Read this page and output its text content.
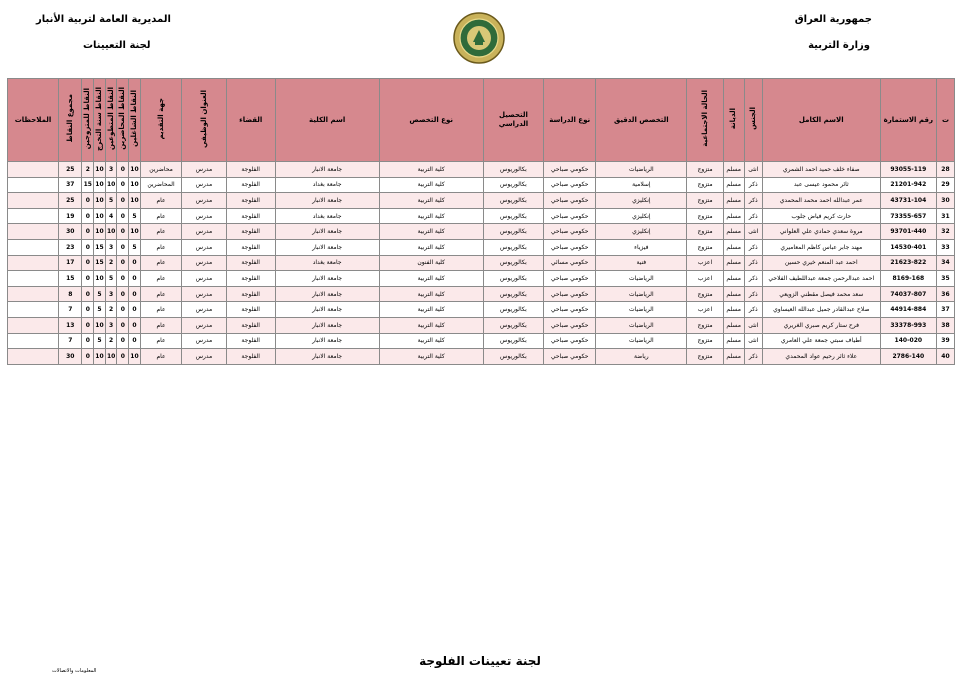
جمهورية العراق
وزارة التربية
المديرية العامة لتربية الأنبار
لجنة التعيينات
ت	رقم الاستمارة	الاسم الكامل	الجنس	الديانة	الحالة الاجتماعية	التخصص الدقيق	نوع الدراسة	التحصيل الدراسي	نوع التخصص	اسم الكلية	القضاء	العنوان الوظيفي	جهة التقديم	النقاط الشاغلين	النقاط المحاضرين	النقاط المتطوعين	النقاط سنة التخرج	النقاط للمتزوجين	مجموع النقاط	الملاحظات
28	93055-119	صفاء خلف حميد احمد الشمري	انثى	مسلم	متزوج	الرياضيات	حكومي صباحي	بكالوريوس	كلية التربية	جامعة الانبار	الفلوجة	مدرس	محاضرين	10	0	3	10	2	25	
29	21201-942	ثائر محمود عيسى عبد	ذكر	مسلم	متزوج	إسلامية	حكومي صباحي	بكالوريوس	كلية التربية	جامعة بغداد	الفلوجة	مدرس	المحاضرين	10	0	10	10	15	37	
30	43731-104	عمر عبدالله احمد محمد المحمدي	ذكر	مسلم	متزوج	إنكليزي	حكومي صباحي	بكالوريوس	كلية التربية	جامعة الانبار	الفلوجة	مدرس	عام	10	0	5	10	0	25	
31	73355-657	حارث كريم فياض جلوب	ذكر	مسلم	متزوج	إنكليزي	حكومي صباحي	بكالوريوس	كلية التربية	جامعة بغداد	الفلوجة	مدرس	عام	5	0	4	10	0	19	
32	93701-440	مروة سعدي حمادي علي العلواني	انثى	مسلم	متزوج	إنكليزي	حكومي صباحي	بكالوريوس	كلية التربية	جامعة الانبار	الفلوجة	مدرس	عام	10	0	10	10	0	30	
33	14530-401	مهند جابر عباس كاظم المعاميري	ذكر	مسلم	متزوج	فيزياء	حكومي صباحي	بكالوريوس	كلية التربية	جامعة الانبار	الفلوجة	مدرس	عام	5	0	3	15	0	23	
34	21623-822	احمد عبد المنعم خيري حسين	ذكر	مسلم	اعزب	فنية	حكومي مسائي	بكالوريوس	كلية الفنون	جامعة بغداد	الفلوجة	مدرس	عام	0	0	2	15	0	17	
35	8169-168	احمد عبدالرحمن جمعة عبداللطيف الفلاحي	ذكر	مسلم	اعزب	الرياضيات	حكومي صباحي	بكالوريوس	كلية التربية	جامعة الانبار	الفلوجة	مدرس	عام	0	0	5	10	0	15	
36	74037-807	سعد محمد فيصل مقطني الزويعي	ذكر	مسلم	متزوج	الرياضيات	حكومي صباحي	بكالوريوس	كلية التربية	جامعة الانبار	الفلوجة	مدرس	عام	0	0	3	5	0	8	
37	44914-884	صلاح عبدالقادر جميل عبدالله العيساوي	ذكر	مسلم	اعزب	الرياضيات	حكومي صباحي	بكالوريوس	كلية التربية	جامعة الانبار	الفلوجة	مدرس	عام	0	0	2	5	0	7	
38	33378-993	فرح ستار كريم صبري الغريري	انثى	مسلم	متزوج	الرياضيات	حكومي صباحي	بكالوريوس	كلية التربية	جامعة الانبار	الفلوجة	مدرس	عام	0	0	3	10	0	13	
39	140-020	أطياف سبتي جمعة علي العامري	انثى	مسلم	متزوج	الرياضيات	حكومي صباحي	بكالوريوس	كلية التربية	جامعة الانبار	الفلوجة	مدرس	عام	0	0	2	5	0	7	
40	2786-140	علاء ثائر رحيم عواد المحمدي	ذكر	مسلم	متزوج	رياضة	حكومي صباحي	بكالوريوس	كلية التربية	جامعة الانبار	الفلوجة	مدرس	عام	10	0	10	10	0	30	
لجنة تعيينات الفلوجة
المعلومات والاتصالات
